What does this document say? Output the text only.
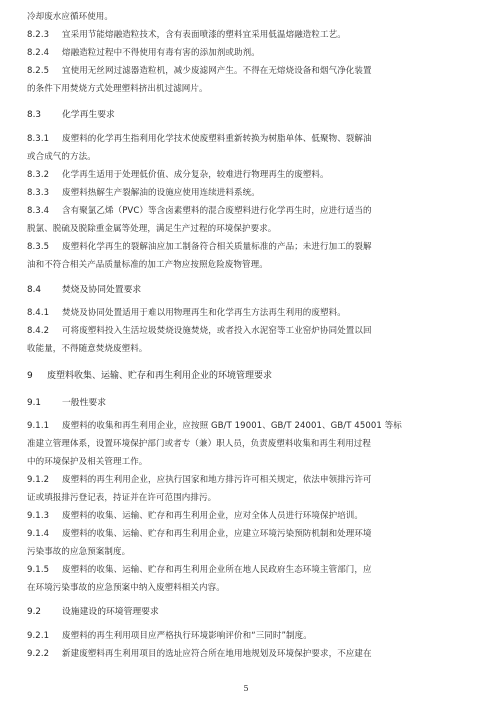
冷却废水应循环使用。
8.2.3 宜采用节能熔融造粒技术，含有表面喷漆的塑料宜采用低温熔融造粒工艺。
8.2.4 熔融造粒过程中不得使用有毒有害的添加剂或助剂。
8.2.5 宜使用无丝网过滤器造粒机，减少废滤网产生。不得在无熔烧设备和烟气净化装置
的条件下用焚烧方式处理塑料挤出机过滤网片。
8.3 化学再生要求
8.3.1 废塑料的化学再生指利用化学技术使废塑料重新转换为树脂单体、低聚物、裂解油
或合成气的方法。
8.3.2 化学再生适用于处理低价值、成分复杂，较难进行物理再生的废塑料。
8.3.3 废塑料热解生产裂解油的设施应使用连续进料系统。
8.3.4 含有聚氯乙烯（PVC）等含卤素塑料的混合废塑料进行化学再生时，应进行适当的
脱氯、脱硫及脱除重金属等处理，满足生产过程的环境保护要求。
8.3.5 废塑料化学再生的裂解油应加工制备符合相关质量标准的产品；未进行加工的裂解
油和不符合相关产品质量标准的加工产物应按照危险废物管理。
8.4 焚烧及协同处置要求
8.4.1 焚烧及协同处置适用于难以用物理再生和化学再生方法再生利用的废塑料。
8.4.2 可将废塑料投入生活垃圾焚烧设施焚烧，或者投入水泥窑等工业窑炉协同处置以回
收能量，不得随意焚烧废塑料。
9 废塑料收集、运输、贮存和再生利用企业的环境管理要求
9.1 一般性要求
9.1.1 废塑料的收集和再生利用企业，应按照 GB/T 19001、GB/T 24001、GB/T 45001 等标
准建立管理体系，设置环境保护部门或者专（兼）职人员，负责废塑料收集和再生利用过程
中的环境保护及相关管理工作。
9.1.2 废塑料的再生利用企业，应执行国家和地方排污许可相关规定，依法申领排污许可
证或填报排污登记表，持证并在许可范围内排污。
9.1.3 废塑料的收集、运输、贮存和再生利用企业，应对全体人员进行环境保护培训。
9.1.4 废塑料的收集、运输、贮存和再生利用企业，应建立环境污染预防机制和处理环境
污染事故的应急预案制度。
9.1.5 废塑料的收集、运输、贮存和再生利用企业所在地人民政府生态环境主管部门，应
在环境污染事故的应急预案中纳入废塑料相关内容。
9.2 设施建设的环境管理要求
9.2.1 废塑料的再生利用项目应严格执行环境影响评价和“三同时”制度。
9.2.2 新建废塑料再生利用项目的选址应符合所在地用地规划及环境保护要求，不应建在
5
